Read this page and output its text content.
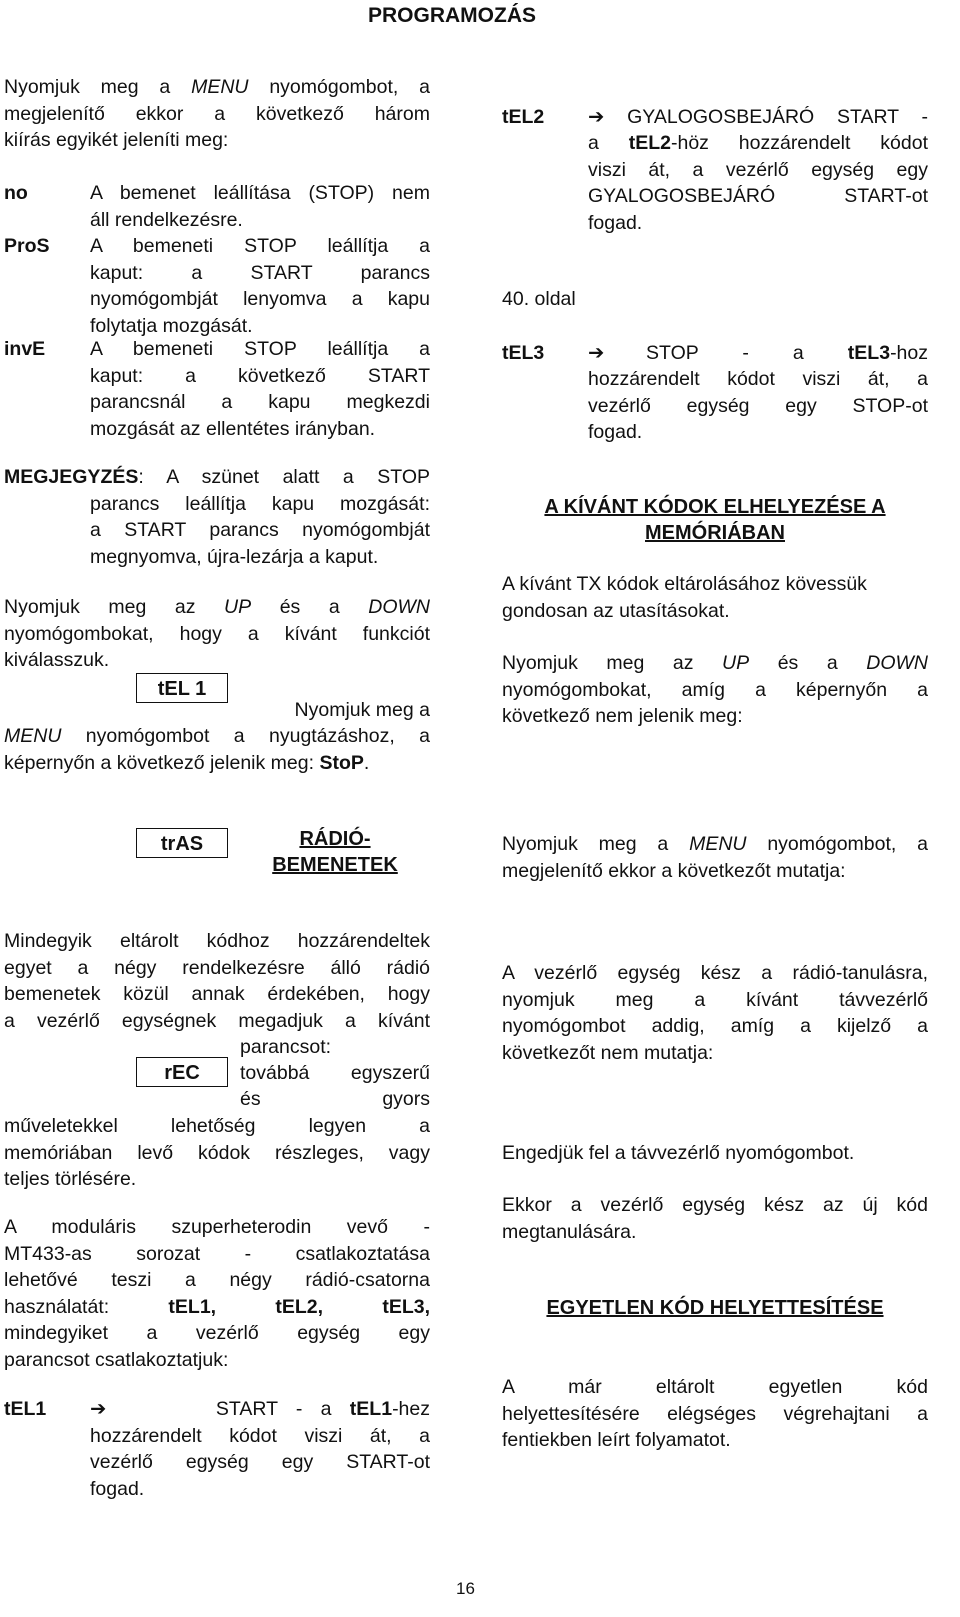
PROGRAMOZÁS
Nyomjuk meg a MENU nyomógombot, a
megjelenítő ekkor a következő három
kiírás egyikét jeleníti meg:
no	A bemenet leállítása (STOP) nem
áll rendelkezésre.
ProS A bemeneti STOP leállítja a
kaput: a START parancs
nyomógombját lenyomva a kapu
folytatja mozgását.
invE A bemeneti STOP leállítja a
kaput: a következő START
parancsnál a kapu megkezdi
mozgását az ellentétes irányban.
MEGJEGYZÉS: A szünet alatt a STOP
parancs leállítja kapu mozgását:
a START parancs nyomógombját
megnyomva, újra-lezárja a kaput.
Nyomjuk meg az UP és a DOWN
nyomógombokat, hogy a kívánt funkciót
kiválasszuk.
tEL 1
Nyomjuk meg a
MENU nyomógombot a nyugtázáshoz, a
képernyőn a következő jelenik meg: StoP.
trAS	RÁDIÓ-
BEMENETEK
Mindegyik eltárolt kódhoz hozzárendeltek
egyet a négy rendelkezésre álló rádió
bemenetek közül annak érdekében, hogy
a vezérlő egységnek megadjuk a kívánt
parancsot:
rEC	továbbá egyszerű
és	gyors
műveletekkel lehetőség legyen a
memóriában levő kódok részleges, vagy
teljes törlésére.
A moduláris szuperheterodin vevő -
MT433-as sorozat - csatlakoztatása
lehetővé teszi a négy rádió-csatorna
használatát: tEL1,	tEL2,	tEL3,
mindegyiket a vezérlő egység egy
parancsot csatlakoztatjuk:
tEL1 ➔	START - a tEL1-hez
hozzárendelt kódot viszi át, a
vezérlő egység egy START-ot
fogad.
16
tEL2 ➔ GYALOGOSBEJÁRÓ START -
a tEL2-höz hozzárendelt kódot
viszi át, a vezérlő egység egy
GYALOGOSBEJÁRÓ START-ot
fogad.
40. oldal
tEL3 ➔ STOP - a tEL3-hoz
hozzárendelt kódot viszi át, a
vezérlő egység egy STOP-ot
fogad.
A KÍVÁNT KÓDOK ELHELYEZÉSE A
MEMÓRIÁBAN
A kívánt TX kódok eltárolásához kövessük
gondosan az utasításokat.
Nyomjuk meg az UP és a DOWN
nyomógombokat, amíg a képernyőn a
következő nem jelenik meg:
Nyomjuk meg a MENU nyomógombot, a
megjelenítő ekkor a következőt mutatja:
A vezérlő egység kész a rádió-tanulásra,
nyomjuk meg a kívánt távvezérlő
nyomógombot addig, amíg a kijelző a
következőt nem mutatja:
Engedjük fel a távvezérlő nyomógombot.
Ekkor a vezérlő egység kész az új kód
megtanulására.
EGYETLEN KÓD HELYETTESÍTÉSE
A már eltárolt egyetlen kód
helyettesítésére elégséges végrehajtani a
fentiekben leírt folyamatot.
